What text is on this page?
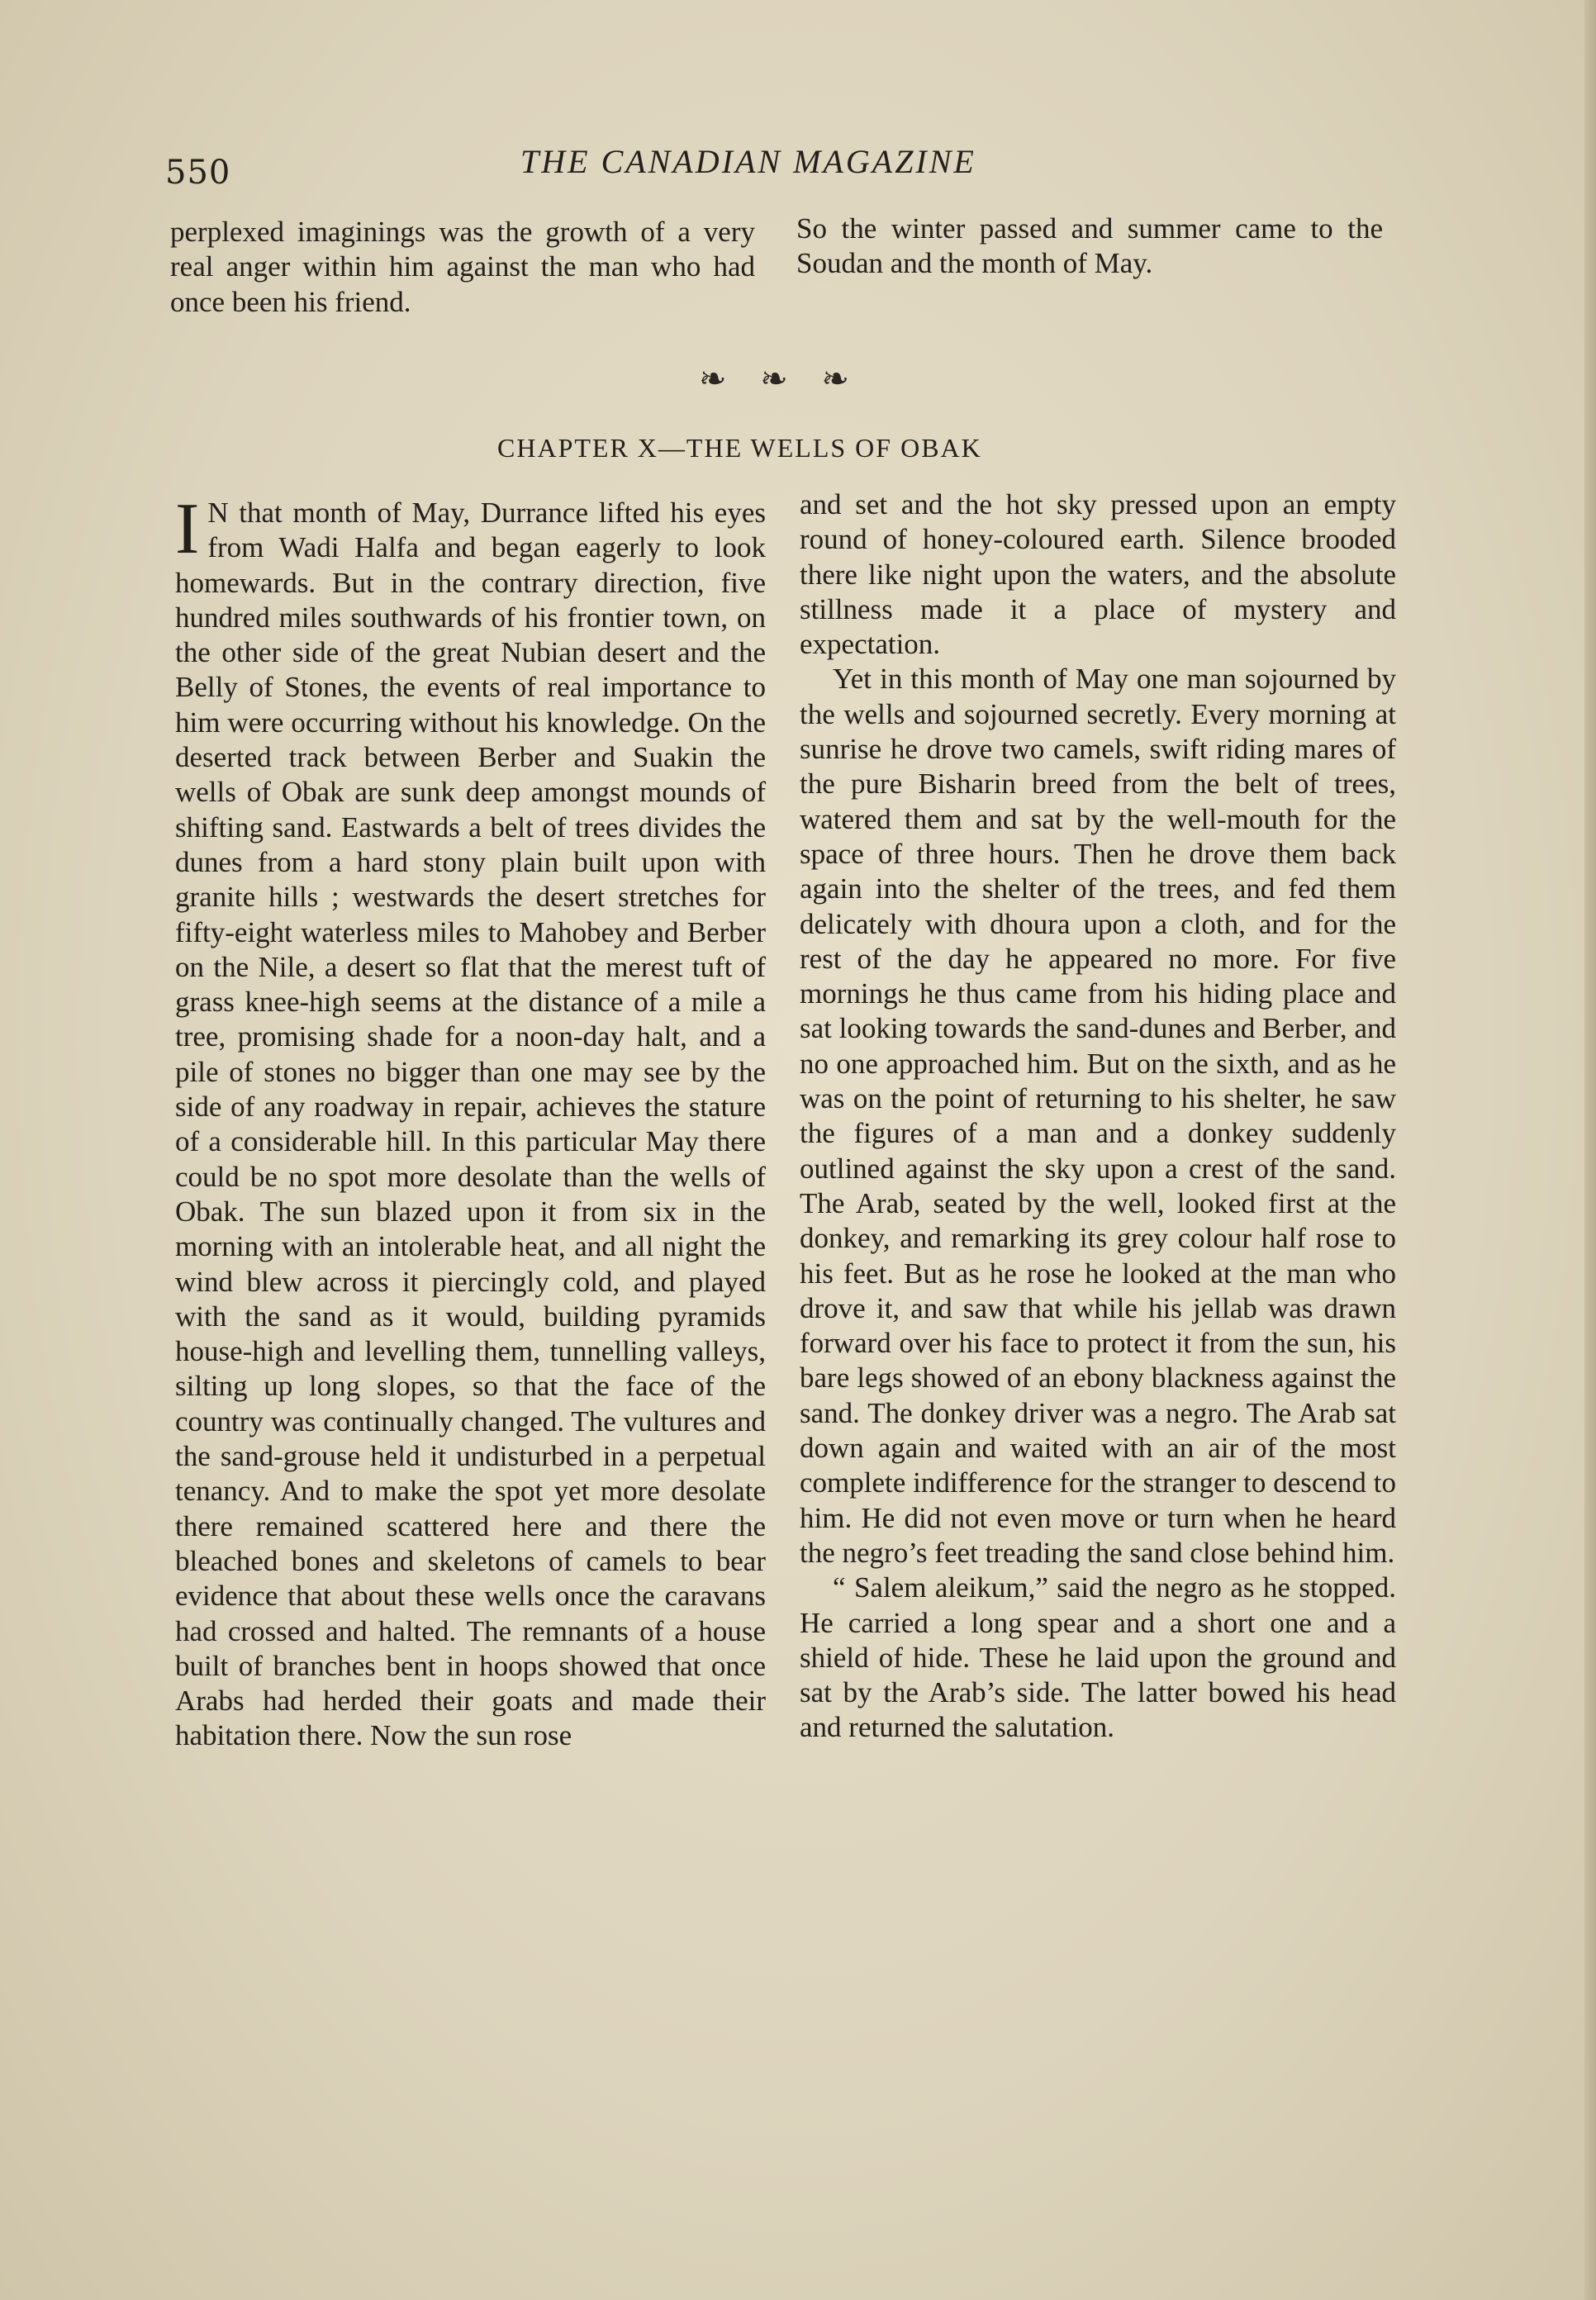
550	THE CANADIAN MAGAZINE

perplexed imaginings was the growth of a very real anger within him against the man who had once been his friend.

So the winter passed and summer came to the Soudan and the month of May.

❧ ❧ ❧
CHAPTER X—THE WELLS OF OBAK

I N that month of May, Durrance lifted his eyes from Wadi Halfa and began eagerly to look homewards. But in the contrary direction, five hundred miles southwards of his frontier town, on the other side of the great Nubian desert and the Belly of Stones, the events of real importance to him were occurring without his knowledge. On the deserted track between Berber and Suakin the wells of Obak are sunk deep amongst mounds of shifting sand. Eastwards a belt of trees divides the dunes from a hard stony plain built upon with granite hills ; westwards the desert stretches for fifty-eight waterless miles to Mahobey and Berber on the Nile, a desert so flat that the merest tuft of grass knee-high seems at the distance of a mile a tree, promising shade for a noon-day halt, and a pile of stones no bigger than one may see by the side of any roadway in repair, achieves the stature of a considerable hill. In this particular May there could be no spot more desolate than the wells of Obak. The sun blazed upon it from six in the morning with an intolerable heat, and all night the wind blew across it piercingly cold, and played with the sand as it would, building pyramids house-high and levelling them, tunnelling valleys, silting up long slopes, so that the face of the country was continually changed. The vultures and the sand-grouse held it undisturbed in a perpetual tenancy. And to make the spot yet more desolate there remained scattered here and there the bleached bones and skeletons of camels to bear evidence that about these wells once the caravans had crossed and halted. The remnants of a house built of branches bent in hoops showed that once Arabs had herded their goats and made their habitation there. Now the sun rose

and set and the hot sky pressed upon an empty round of honey-coloured earth. Silence brooded there like night upon the waters, and the absolute stillness made it a place of mystery and expectation.

Yet in this month of May one man sojourned by the wells and sojourned secretly. Every morning at sunrise he drove two camels, swift riding mares of the pure Bisharin breed from the belt of trees, watered them and sat by the well-mouth for the space of three hours. Then he drove them back again into the shelter of the trees, and fed them delicately with dhoura upon a cloth, and for the rest of the day he appeared no more. For five mornings he thus came from his hiding place and sat looking towards the sand-dunes and Berber, and no one approached him. But on the sixth, and as he was on the point of returning to his shelter, he saw the figures of a man and a donkey suddenly outlined against the sky upon a crest of the sand. The Arab, seated by the well, looked first at the donkey, and remarking its grey colour half rose to his feet. But as he rose he looked at the man who drove it, and saw that while his jellab was drawn forward over his face to protect it from the sun, his bare legs showed of an ebony blackness against the sand. The donkey driver was a negro. The Arab sat down again and waited with an air of the most complete indifference for the stranger to descend to him. He did not even move or turn when he heard the negro’s feet treading the sand close behind him.

“ Salem aleikum,” said the negro as he stopped. He carried a long spear and a short one and a shield of hide. These he laid upon the ground and sat by the Arab’s side. The latter bowed his head and returned the salutation.
